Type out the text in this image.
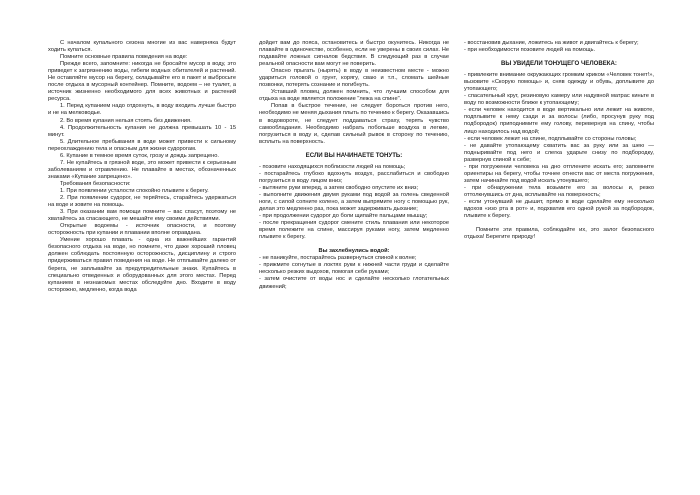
С началом купального сезона многие из вас наверняка будут ходить купаться.

Помните основные правила поведения на воде:

Прежде всего, запомните: никогда не бросайте мусор в воду, это приведет к загрязнению воды, гибели водных обитателей и растений. Не оставляйте мусор на берегу, складывайте его в пакет и выбросьте после отдыха в мусорный контейнер. Помните, водоем – не туалет, а источник жизненно необходимого для всех животных и растений ресурса.

1. Перед купанием надо отдохнуть, в воду входить лучше быстро и не на мелководье.

2. Во время купания нельзя стоять без движения.

4. Продолжительность купания не должна превышать 10 - 15 минут.

5. Длительное пребывания в воде может привести к сильному переохлаждению тела и опасным для жизни судорогам.

6. Купание в темное время суток, грозу и дождь запрещено.

7. Не купайтесь в грязной воде, это может привести к серьезным заболеваниям и отравлению. Не плавайте в местах, обозначенных знаками «Купание запрещено».

Требования безопасности:

1. При появлении усталости спокойно плывите к берегу.

2. При появлении судорог, не теряйтесь, старайтесь удержаться на воде и зовите на помощь.

3. При оказании вам помощи помните – вас спасут, поэтому не хватайтесь за спасающего, не мешайте ему своими действиями.

Открытые водоемы - источник опасности, и поэтому осторожность при купании и плавании вполне оправдана.

Умение хорошо плавать - одна из важнейших гарантий безопасного отдыха на воде, но помните, что даже хороший пловец должен соблюдать постоянную осторожность, дисциплину и строго придерживаться правил поведения на воде. Не отплывайте далеко от берега, не заплывайте за предупредительные знаки. Купайтесь в специально отведенных и оборудованных для этого местах. Перед купанием в незнакомых местах обследуйте дно. Входите в воду осторожно, медленно, когда вода

дойдет вам до пояса, остановитесь и быстро окунитесь. Никогда не плавайте в одиночестве, особенно, если не уверены в своих силах. Не подавайте ложных сигналов бедствия. В следующий раз в случае реальной опасности вам могут не поверить.

Опасно прыгать (нырять) в воду в неизвестном месте - можно удариться головой о грунт, корягу, сваю и т.п., сломать шейные позвонки, потерять сознание и погибнуть.

Уставший пловец должен помнить, что лучшим способом для отдыха на воде является положение "лежа на спине".

Попав в быстрое течение, не следует бороться против него, необходимо не меняя дыхания плыть по течению к берегу. Оказавшись в водовороте, не следует поддаваться страху, терять чувство самообладания. Необходимо набрать побольше воздуха в легкие, погрузиться в воду и, сделав сильный рывок в сторону по течению, всплыть на поверхность.

ЕСЛИ ВЫ НАЧИНАЕТЕ ТОНУТЬ:

- позовите находящихся поблизости людей на помощь;

- постарайтесь глубоко вдохнуть воздух, расслабиться и свободно погрузиться в воду лицом вниз;

- вытяните руки вперед, а затем свободно опустите их вниз;

- выполните движения двумя руками под водой за голень сведенной ноги, с силой сопните колено, а затем выпрямите ногу с помощью рук, делая это медленно раз, пока может задерживать дыхание;

- при продолжении судорог до боли щипайте пальцами мышцу;

- после прекращения судорог смените стиль плавания или некоторое время полежите на спине, массируя руками ногу, затем медленно плывите к берегу.

Вы захлебнулись водой:

- не паникуйте, постарайтесь развернуться спиной к волне;

- прижмите согнутые в локтях руки к нижней части груди и сделайте несколько резких выдохов, помогая себе руками;

- затем очистите от воды нос и сделайте несколько глотательных движений;

- восстановив дыхание, ложитесь на живот и двигайтесь к берегу;

- при необходимости позовите людей на помощь.

ВЫ УВИДЕЛИ ТОНУЩЕГО ЧЕЛОВЕКА:

- привлеките внимание окружающих громким криком «Человек тонет!», вызовите «Скорую помощь» и, сняв одежду и обувь, доплывите до утопающего;

- спасательный круг, резиновую камеру или надувной матрас киньте в воду по возможности ближе к утопающему;

- если человек находится в воде вертикально или лежит на животе, подплывите к нему сзади и за волосы (либо, просунув руку под подбородок) приподнимите ему голову, перевернув на спину, чтобы лицо находилось над водой;

- если человек лежит на спине, подплывайте со стороны головы;

- не давайте утопающему схватить вас за руку или за шею — подныривайте под него и слегка ударьте снизу по подбородку, развернув спиной к себе;

- при погружении человека на дно отплените искать его; запомните ориентиры на берегу, чтобы точнее отнести вас от места погружения, затем начинайте под водой искать утонувшего;

- при обнаружении тела возьмите его за волосы и, резко оттолкнувшись от дна, всплывайте на поверхность;

- если утонувший не дышит, прямо в воде сделайте ему несколько вдохов «изо рта в рот» и, подхватив его одной рукой за подбородок, плывите к берегу.

Помните эти правила, соблюдайте их, это залог безопасного отдыха! Берегите природу!
